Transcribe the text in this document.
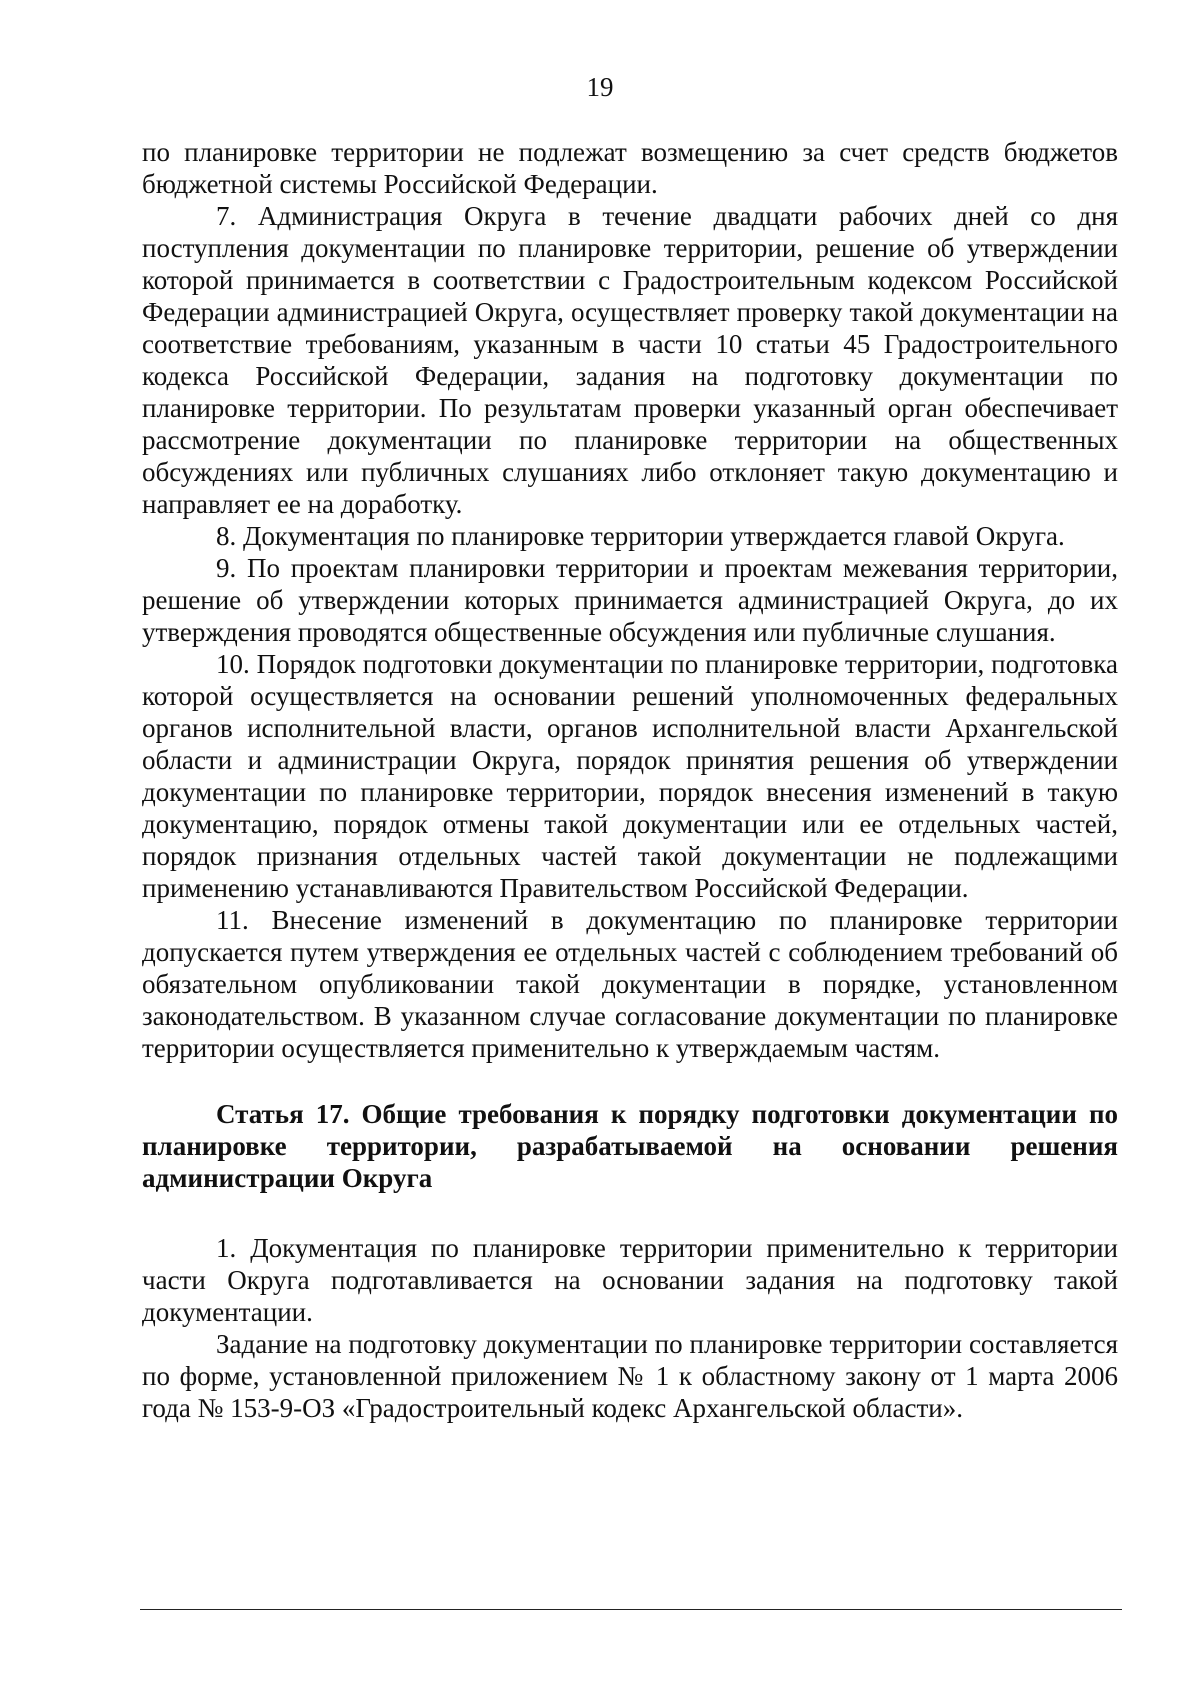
19

по планировке территории не подлежат возмещению за счет средств бюджетов бюджетной системы Российской Федерации.

7. Администрация Округа в течение двадцати рабочих дней со дня поступления документации по планировке территории, решение об утверждении которой принимается в соответствии с Градостроительным кодексом Российской Федерации администрацией Округа, осуществляет проверку такой документации на соответствие требованиям, указанным в части 10 статьи 45 Градостроительного кодекса Российской Федерации, задания на подготовку документации по планировке территории. По результатам проверки указанный орган обеспечивает рассмотрение документации по планировке территории на общественных обсуждениях или публичных слушаниях либо отклоняет такую документацию и направляет ее на доработку.

8. Документация по планировке территории утверждается главой Округа.

9. По проектам планировки территории и проектам межевания территории, решение об утверждении которых принимается администрацией Округа, до их утверждения проводятся общественные обсуждения или публичные слушания.

10. Порядок подготовки документации по планировке территории, подготовка которой осуществляется на основании решений уполномоченных федеральных органов исполнительной власти, органов исполнительной власти Архангельской области и администрации Округа, порядок принятия решения об утверждении документации по планировке территории, порядок внесения изменений в такую документацию, порядок отмены такой документации или ее отдельных частей, порядок признания отдельных частей такой документации не подлежащими применению устанавливаются Правительством Российской Федерации.

11. Внесение изменений в документацию по планировке территории допускается путем утверждения ее отдельных частей с соблюдением требований об обязательном опубликовании такой документации в порядке, установленном законодательством. В указанном случае согласование документации по планировке территории осуществляется применительно к утверждаемым частям.

Статья 17. Общие требования к порядку подготовки документации по планировке территории, разрабатываемой на основании решения администрации Округа

1. Документация по планировке территории применительно к территории части Округа подготавливается на основании задания на подготовку такой документации.

Задание на подготовку документации по планировке территории составляется по форме, установленной приложением № 1 к областному закону от 1 марта 2006 года № 153-9-ОЗ «Градостроительный кодекс Архангельской области».
